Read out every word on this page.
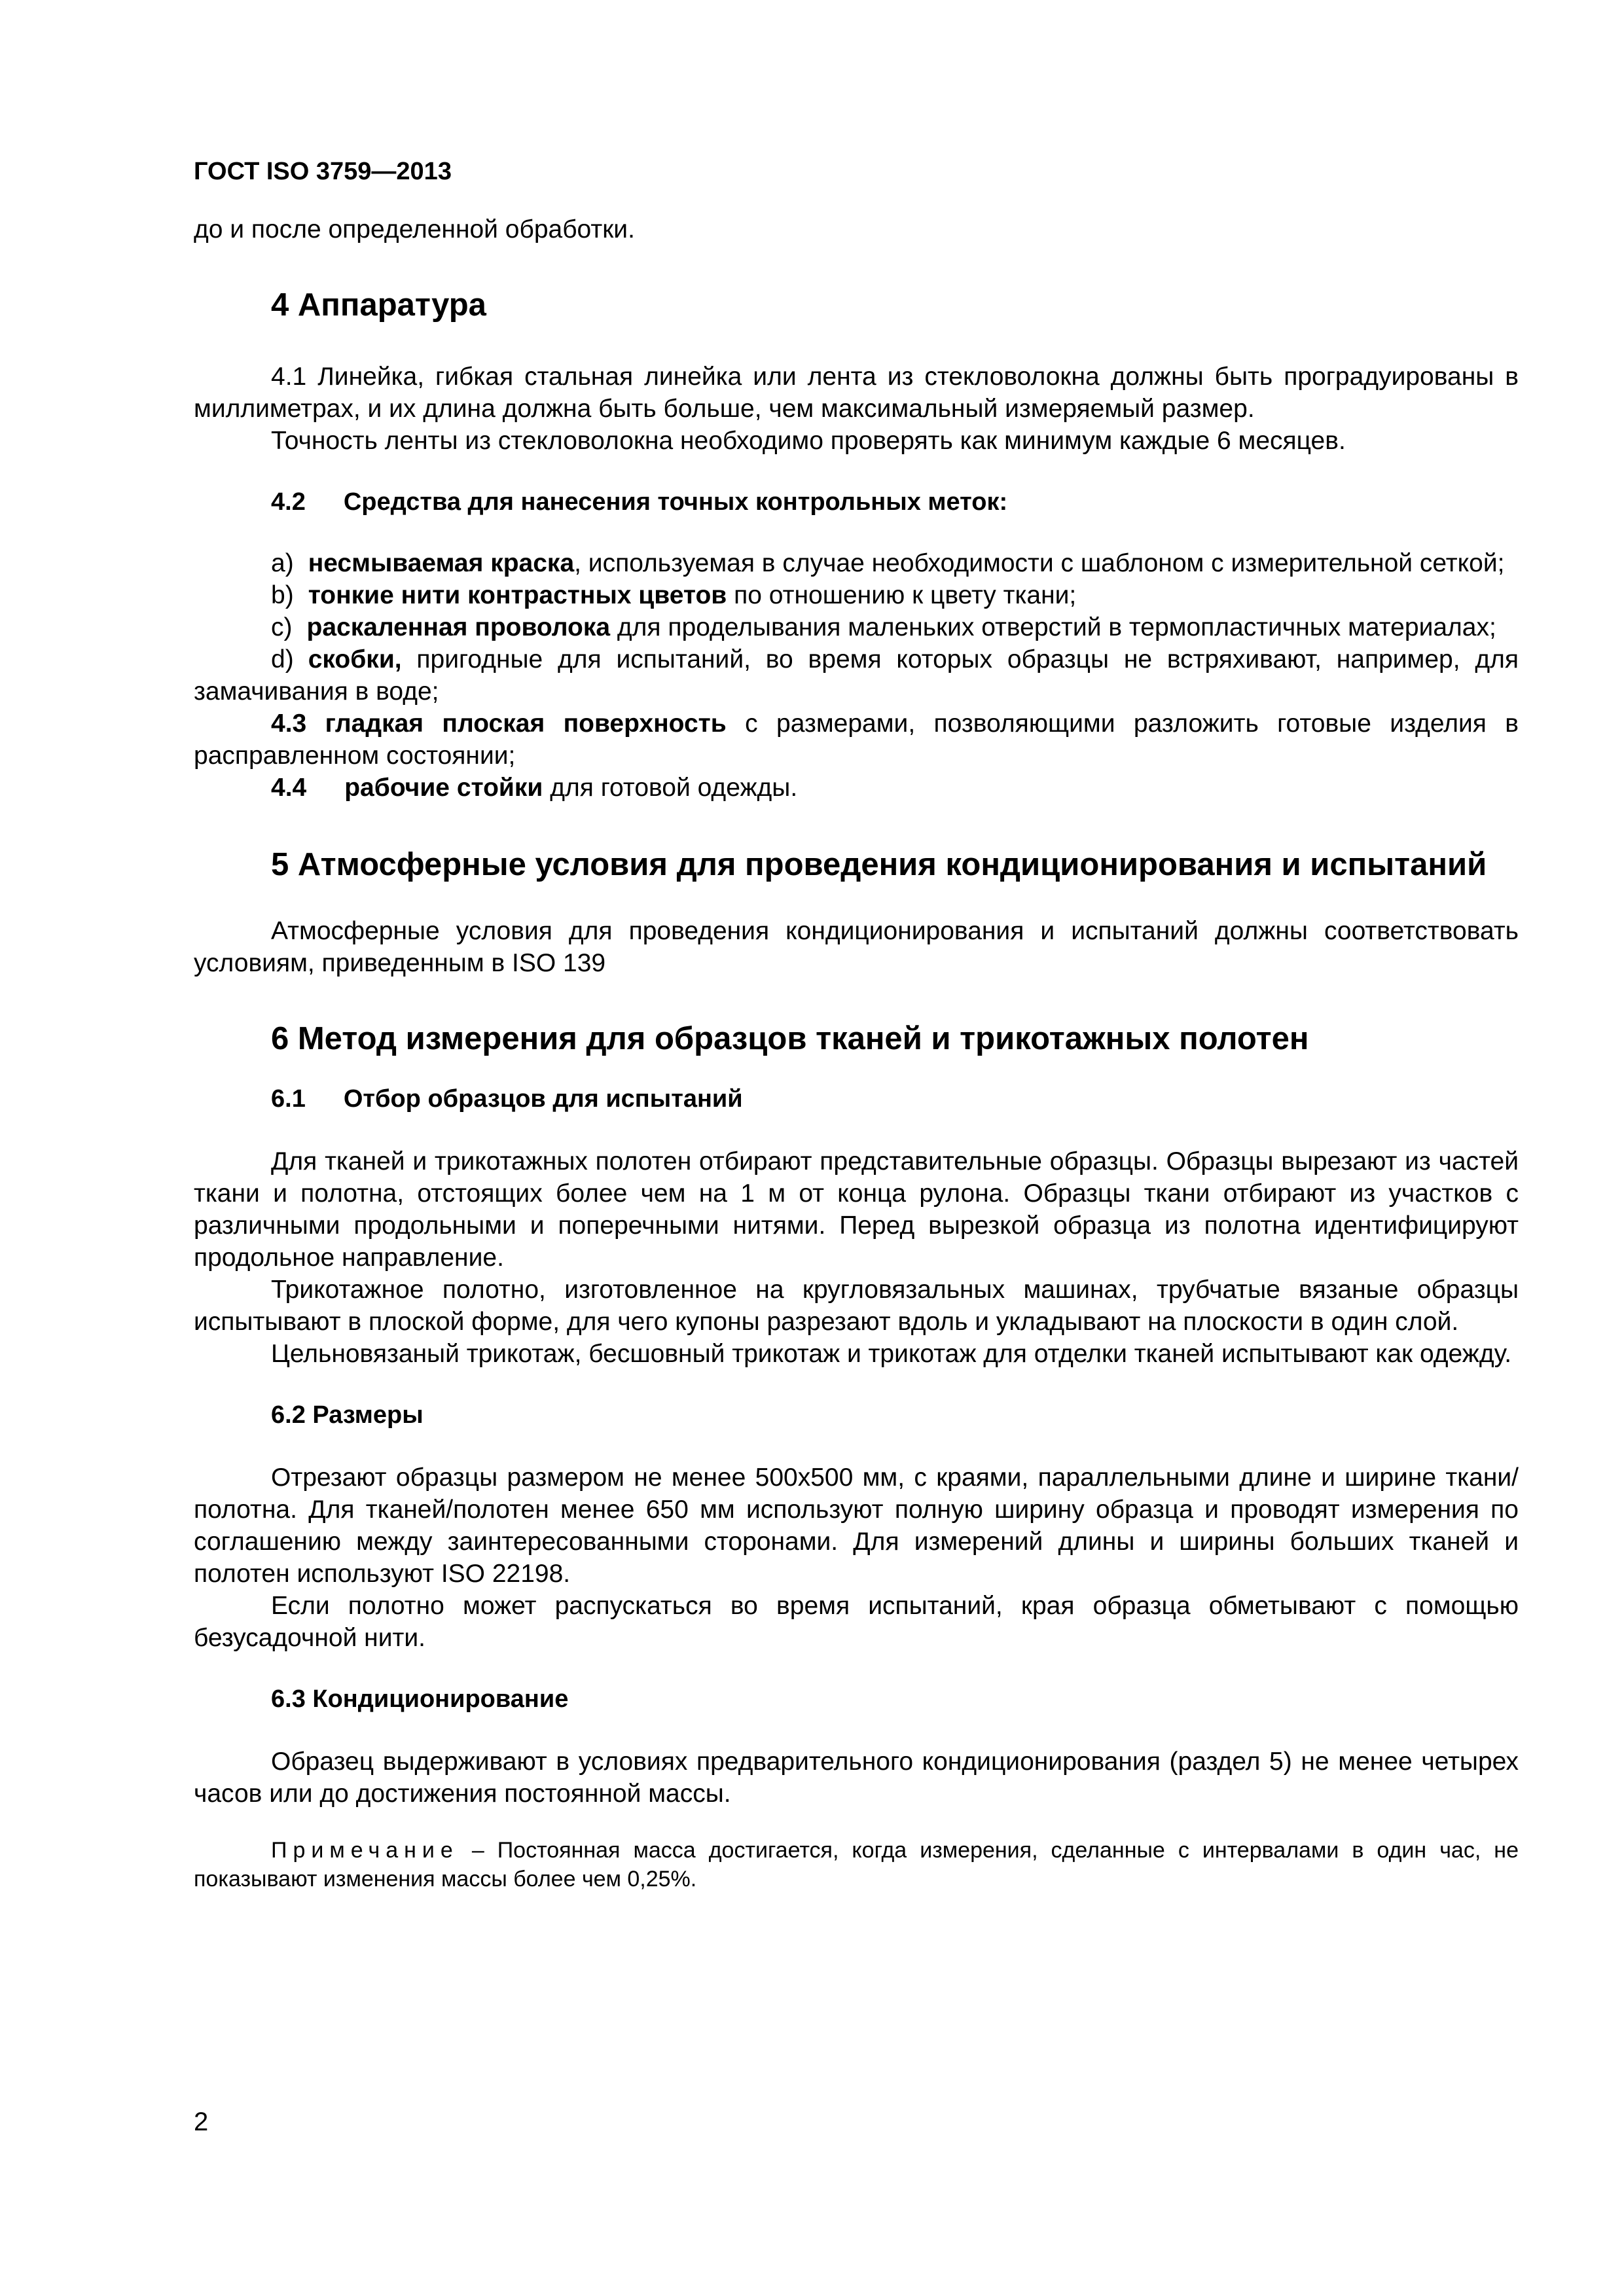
ГОСТ ISO 3759—2013

до и после определенной обработки.

4 Аппаратура

4.1 Линейка, гибкая стальная линейка или лента из стекловолокна должны быть проградуированы в миллиметрах, и их длина должна быть больше, чем максимальный измеряемый размер.

Точность ленты из стекловолокна необходимо проверять как минимум каждые 6 месяцев.

4.2 Средства для нанесения точных контрольных меток:

a) несмываемая краска, используемая в случае необходимости с шаблоном с измерительной сеткой;

b) тонкие нити контрастных цветов по отношению к цвету ткани;

c) раскаленная проволока для проделывания маленьких отверстий в термопластичных материалах;

d) скобки, пригодные для испытаний, во время которых образцы не встряхивают, например, для замачивания в воде;

4.3 гладкая плоская поверхность с размерами, позволяющими разложить готовые изделия в расправленном состоянии;

4.4 рабочие стойки для готовой одежды.

5 Атмосферные условия для проведения кондиционирования и испытаний

Атмосферные условия для проведения кондиционирования и испытаний должны соответствовать условиям, приведенным в ISO 139

6 Метод измерения для образцов тканей и трикотажных полотен
6.1 Отбор образцов для испытаний

Для тканей и трикотажных полотен отбирают представительные образцы. Образцы вырезают из частей ткани и полотна, отстоящих более чем на 1 м от конца рулона. Образцы ткани отбирают из участков с различными продольными и поперечными нитями. Перед вырезкой образца из полотна идентифицируют продольное направление.

Трикотажное полотно, изготовленное на кругловязальных машинах, трубчатые вязаные образцы испытывают в плоской форме, для чего купоны разрезают вдоль и укладывают на плоскости в один слой.

Цельновязаный трикотаж, бесшовный трикотаж и трикотаж для отделки тканей испытывают как одежду.

6.2 Размеры

Отрезают образцы размером не менее 500x500 мм, с краями, параллельными длине и ширине ткани/полотна. Для тканей/полотен менее 650 мм используют полную ширину образца и проводят измерения по соглашению между заинтересованными сторонами. Для измерений длины и ширины больших тканей и полотен используют ISO 22198.

Если полотно может распускаться во время испытаний, края образца обметывают с помощью безусадочной нити.

6.3 Кондиционирование

Образец выдерживают в условиях предварительного кондиционирования (раздел 5) не менее четырех часов или до достижения постоянной массы.

Примечание – Постоянная масса достигается, когда измерения, сделанные с интервалами в один час, не показывают изменения массы более чем 0,25%.

2
